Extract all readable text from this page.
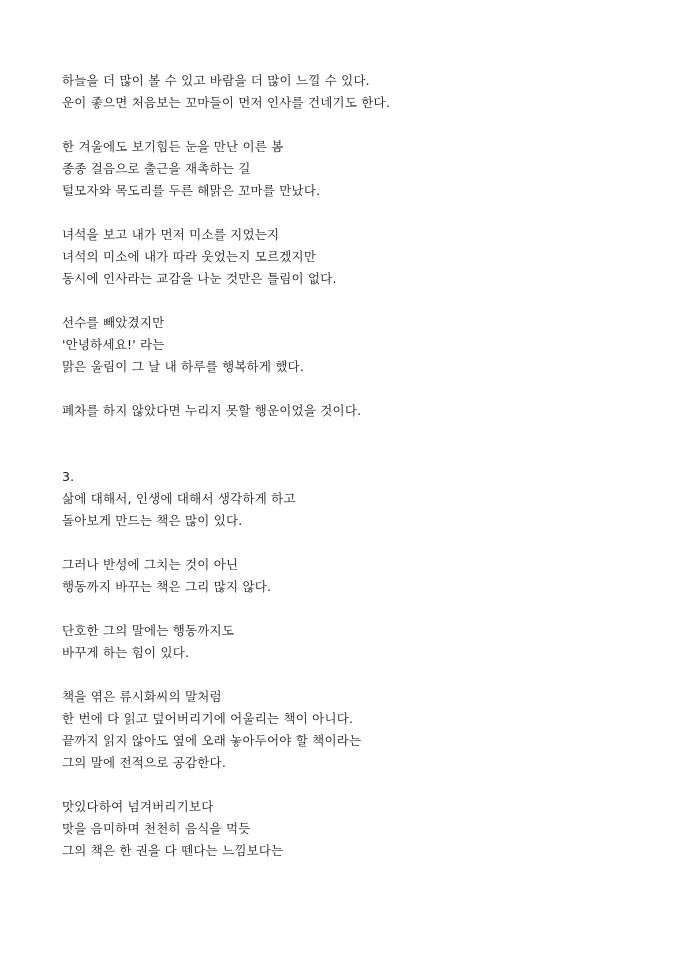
하늘을 더 많이 볼 수 있고 바람을 더 많이 느낄 수 있다.
운이 좋으면 처음보는 꼬마들이 먼저 인사를 건네기도 한다.
한 겨울에도 보기힘든 눈을 만난 이른 봄
종종 걸음으로 출근을 재촉하는 길
털모자와 목도리를 두른 해맑은 꼬마를 만났다.
녀석을 보고 내가 먼저 미소를 지었는지
녀석의 미소에 내가 따라 웃었는지 모르겠지만
동시에 인사라는 교감을 나눈 것만은 틀림이 없다.
선수를 빼았겼지만
'안녕하세요!' 라는
맑은 울림이 그 날 내 하루를 행복하게 했다.
폐차를 하지 않았다면 누리지 못할 행운이었을 것이다.
3.
삶에 대해서, 인생에 대해서 생각하게 하고
돌아보게 만드는 책은 많이 있다.
그러나 반성에 그치는 것이 아닌
행동까지 바꾸는 책은 그리 많지 않다.
단호한 그의 말에는 행동까지도
바꾸게 하는 힘이 있다.
책을 엮은 류시화씨의 말처럼
한 번에 다 읽고 덮어버리기에 어울리는 책이 아니다.
끝까지 읽지 않아도 옆에 오래 놓아두어야 할 책이라는
그의 말에 전적으로 공감한다.
맛있다하여 넘겨버리기보다
맛을 음미하며 천천히 음식을 먹듯
그의 책은 한 권을 다 뗀다는 느낌보다는
